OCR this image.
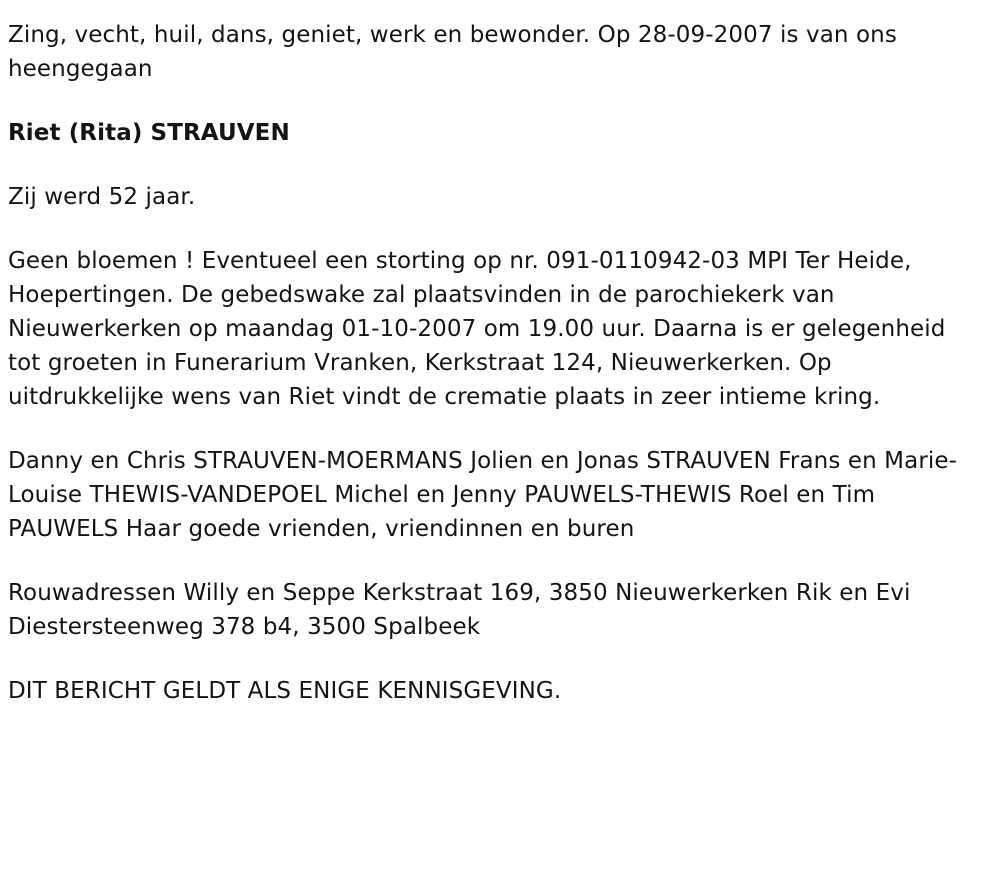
Zing, vecht, huil, dans, geniet, werk en bewonder. Op 28-09-2007 is van ons heengegaan

Riet (Rita) STRAUVEN

Zij werd 52 jaar.

Geen bloemen ! Eventueel een storting op nr. 091-0110942-03 MPI Ter Heide, Hoepertingen. De gebedswake zal plaatsvinden in de parochiekerk van Nieuwerkerken op maandag 01-10-2007 om 19.00 uur. Daarna is er gelegenheid tot groeten in Funerarium Vranken, Kerkstraat 124, Nieuwerkerken. Op uitdrukkelijke wens van Riet vindt de crematie plaats in zeer intieme kring.

Danny en Chris STRAUVEN-MOERMANS Jolien en Jonas STRAUVEN Frans en Marie-Louise THEWIS-VANDEPOEL Michel en Jenny PAUWELS-THEWIS Roel en Tim PAUWELS Haar goede vrienden, vriendinnen en buren

Rouwadressen Willy en Seppe Kerkstraat 169, 3850 Nieuwerkerken Rik en Evi Diestersteenweg 378 b4, 3500 Spalbeek

DIT BERICHT GELDT ALS ENIGE KENNISGEVING.
